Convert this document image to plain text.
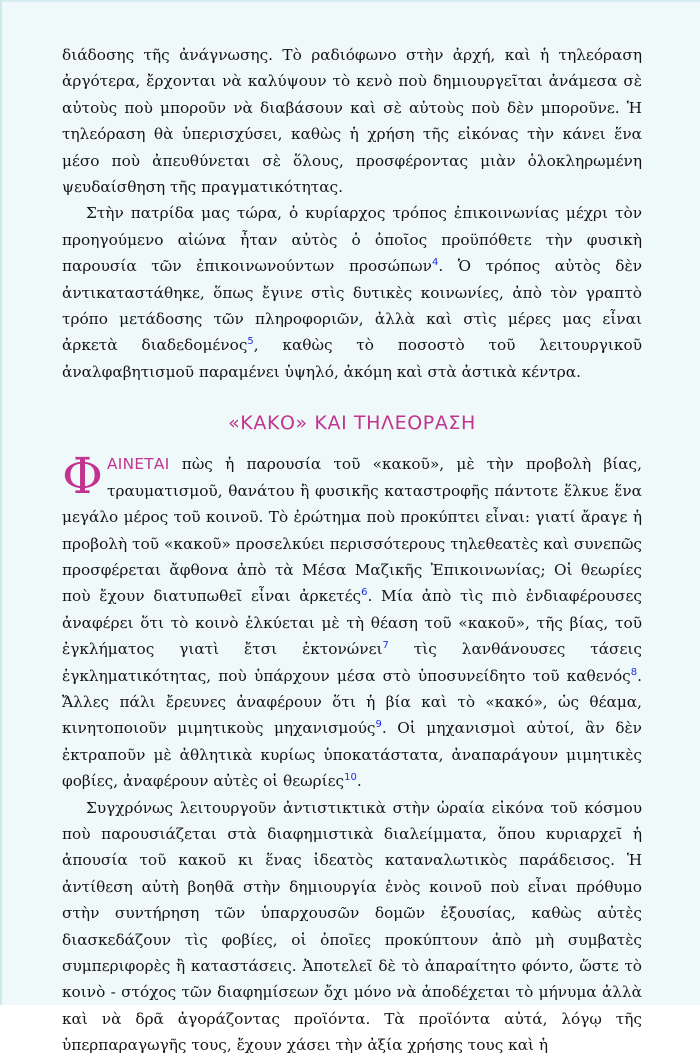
διάδοσης τῆς ἀνάγνωσης. Τὸ ραδιόφωνο στὴν ἀρχή, καὶ ἡ τηλεόραση ἀργότερα, ἔρχονται νὰ καλύψουν τὸ κενὸ ποὺ δημιουργεῖται ἀνάμεσα σὲ αὐτοὺς ποὺ μποροῦν νὰ διαβάσουν καὶ σὲ αὐτοὺς ποὺ δὲν μποροῦνε. Ἡ τηλεόραση θὰ ὑπερισχύσει, καθὼς ἡ χρήση τῆς εἰκόνας τὴν κάνει ἕνα μέσο ποὺ ἀπευθύνεται σὲ ὅλους, προσφέροντας μιὰν ὁλοκληρωμένη ψευδαίσθηση τῆς πραγματικότητας.

Στὴν πατρίδα μας τώρα, ὁ κυρίαρχος τρόπος ἐπικοινωνίας μέχρι τὸν προηγούμενο αἰώνα ἦταν αὐτὸς ὁ ὁποῖος προϋπόθετε τὴν φυσικὴ παρουσία τῶν ἐπικοινωνούντων προσώπων$^4$. Ὁ τρόπος αὐτὸς δὲν ἀντικαταστάθηκε, ὅπως ἔγινε στὶς δυτικὲς κοινωνίες, ἀπὸ τὸν γραπτὸ τρόπο μετάδοσης τῶν πληροφοριῶν, ἀλλὰ καὶ στὶς μέρες μας εἶναι ἀρκετὰ διαδεδομένος$^5$, καθὼς τὸ ποσοστὸ τοῦ λειτουργικοῦ ἀναλφαβητισμοῦ παραμένει ὑψηλό, ἀκόμη καὶ στὰ ἀστικὰ κέντρα.

«ΚΑΚΟ» ΚΑΙ ΤΗΛΕΟΡΑΣΗ

ΦΑΙΝΕΤΑΙ πὼς ἡ παρουσία τοῦ «κακοῦ», μὲ τὴν προβολὴ βίας, τραυματισμοῦ, θανάτου ἢ φυσικῆς καταστροφῆς πάντοτε ἕλκυε ἕνα μεγάλο μέρος τοῦ κοινοῦ. Τὸ ἐρώτημα ποὺ προκύπτει εἶναι: γιατί ἄραγε ἡ προβολὴ τοῦ «κακοῦ» προσελκύει περισσότερους τηλεθεατὲς καὶ συνεπῶς προσφέρεται ἄφθονα ἀπὸ τὰ Μέσα Μαζικῆς Ἐπικοινωνίας; Οἱ θεωρίες ποὺ ἔχουν διατυπωθεῖ εἶναι ἀρκετές$^6$. Μία ἀπὸ τὶς πιὸ ἐνδιαφέρουσες ἀναφέρει ὅτι τὸ κοινὸ ἑλκύεται μὲ τὴ θέαση τοῦ «κακοῦ», τῆς βίας, τοῦ ἐγκλήματος γιατὶ ἔτσι ἐκτονώνει$^7$ τὶς λανθάνουσες τάσεις ἐγκληματικότητας, ποὺ ὑπάρχουν μέσα στὸ ὑποσυνείδητο τοῦ καθενός$^8$. Ἄλλες πάλι ἔρευνες ἀναφέρουν ὅτι ἡ βία καὶ τὸ «κακό», ὡς θέαμα, κινητοποιοῦν μιμητικοὺς μηχανισμούς$^9$. Οἱ μηχανισμοὶ αὐτοί, ἂν δὲν ἐκτραποῦν μὲ ἀθλητικὰ κυρίως ὑποκατάστατα, ἀναπαράγουν μιμητικὲς φοβίες, ἀναφέρουν αὐτὲς οἱ θεωρίες$^{10}$.

Συγχρόνως λειτουργοῦν ἀντιστικτικὰ στὴν ὡραία εἰκόνα τοῦ κόσμου ποὺ παρουσιάζεται στὰ διαφημιστικὰ διαλείμματα, ὅπου κυριαρχεῖ ἡ ἀπουσία τοῦ κακοῦ κι ἕνας ἰδεατὸς καταναλωτικὸς παράδεισος. Ἡ ἀντίθεση αὐτὴ βοηθᾶ στὴν δημιουργία ἑνὸς κοινοῦ ποὺ εἶναι πρόθυμο στὴν συντήρηση τῶν ὑπαρχουσῶν δομῶν ἐξουσίας, καθὼς αὐτὲς διασκεδάζουν τὶς φοβίες, οἱ ὁποῖες προκύπτουν ἀπὸ μὴ συμβατὲς συμπεριφορὲς ἢ καταστάσεις. Ἀποτελεῖ δὲ τὸ ἀπαραίτητο φόντο, ὥστε τὸ κοινὸ - στόχος τῶν διαφημίσεων ὄχι μόνο νὰ ἀποδέχεται τὸ μήνυμα ἀλλὰ καὶ νὰ δρᾶ ἀγοράζοντας προϊόντα. Τὰ προϊόντα αὐτά, λόγῳ τῆς ὑπερπαραγωγῆς τους, ἔχουν χάσει τὴν ἀξία χρήσης τους καὶ ἡ
